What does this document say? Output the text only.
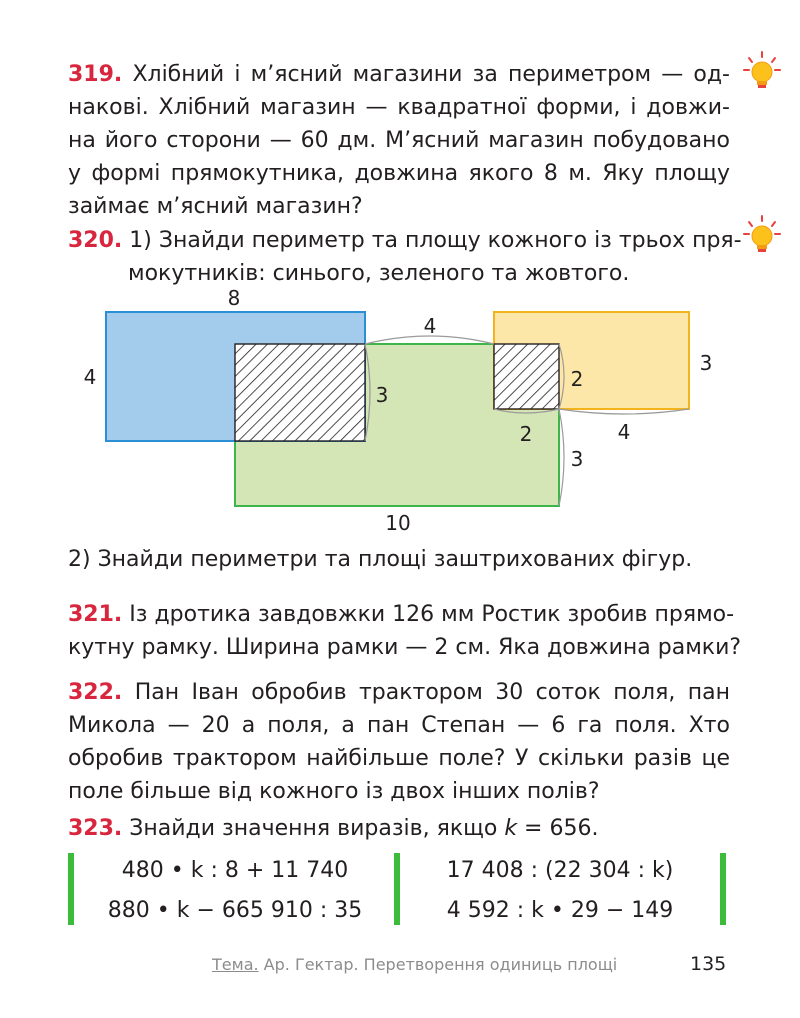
319. Хлібний і м’ясний магазини за периметром — од-
накові. Хлібний магазин — квадратної форми, і довжи-
на його сторони — 60 дм. М’ясний магазин побудовано
у формі прямокутника, довжина якого 8 м. Яку площу
займає м’ясний магазин?
320. 1) Знайди периметр та площу кожного із трьох пря-
мокутників: синього, зеленого та жовтого.
8
4
4
3
2
3
2	4
3
10
2) Знайди периметри та площі заштрихованих фігур.
321. Із дротика завдовжки 126 мм Ростик зробив прямо-
кутну рамку. Ширина рамки — 2 см. Яка довжина рамки?
322. Пан Іван обробив трактором 30 соток поля, пан
Микола — 20 а поля, а пан Степан — 6 га поля. Хто
обробив трактором найбільше поле? У скільки разів це
поле більше від кожного із двох інших полів?
323. Знайди значення виразів, якщо k = 656.
480 • k : 8 + 11 740
880 • k − 665 910 : 35
17 408 : (22 304 : k)
4 592 : k • 29 − 149
Тема. Ар. Гектар. Перетворення одиниць площі	135
